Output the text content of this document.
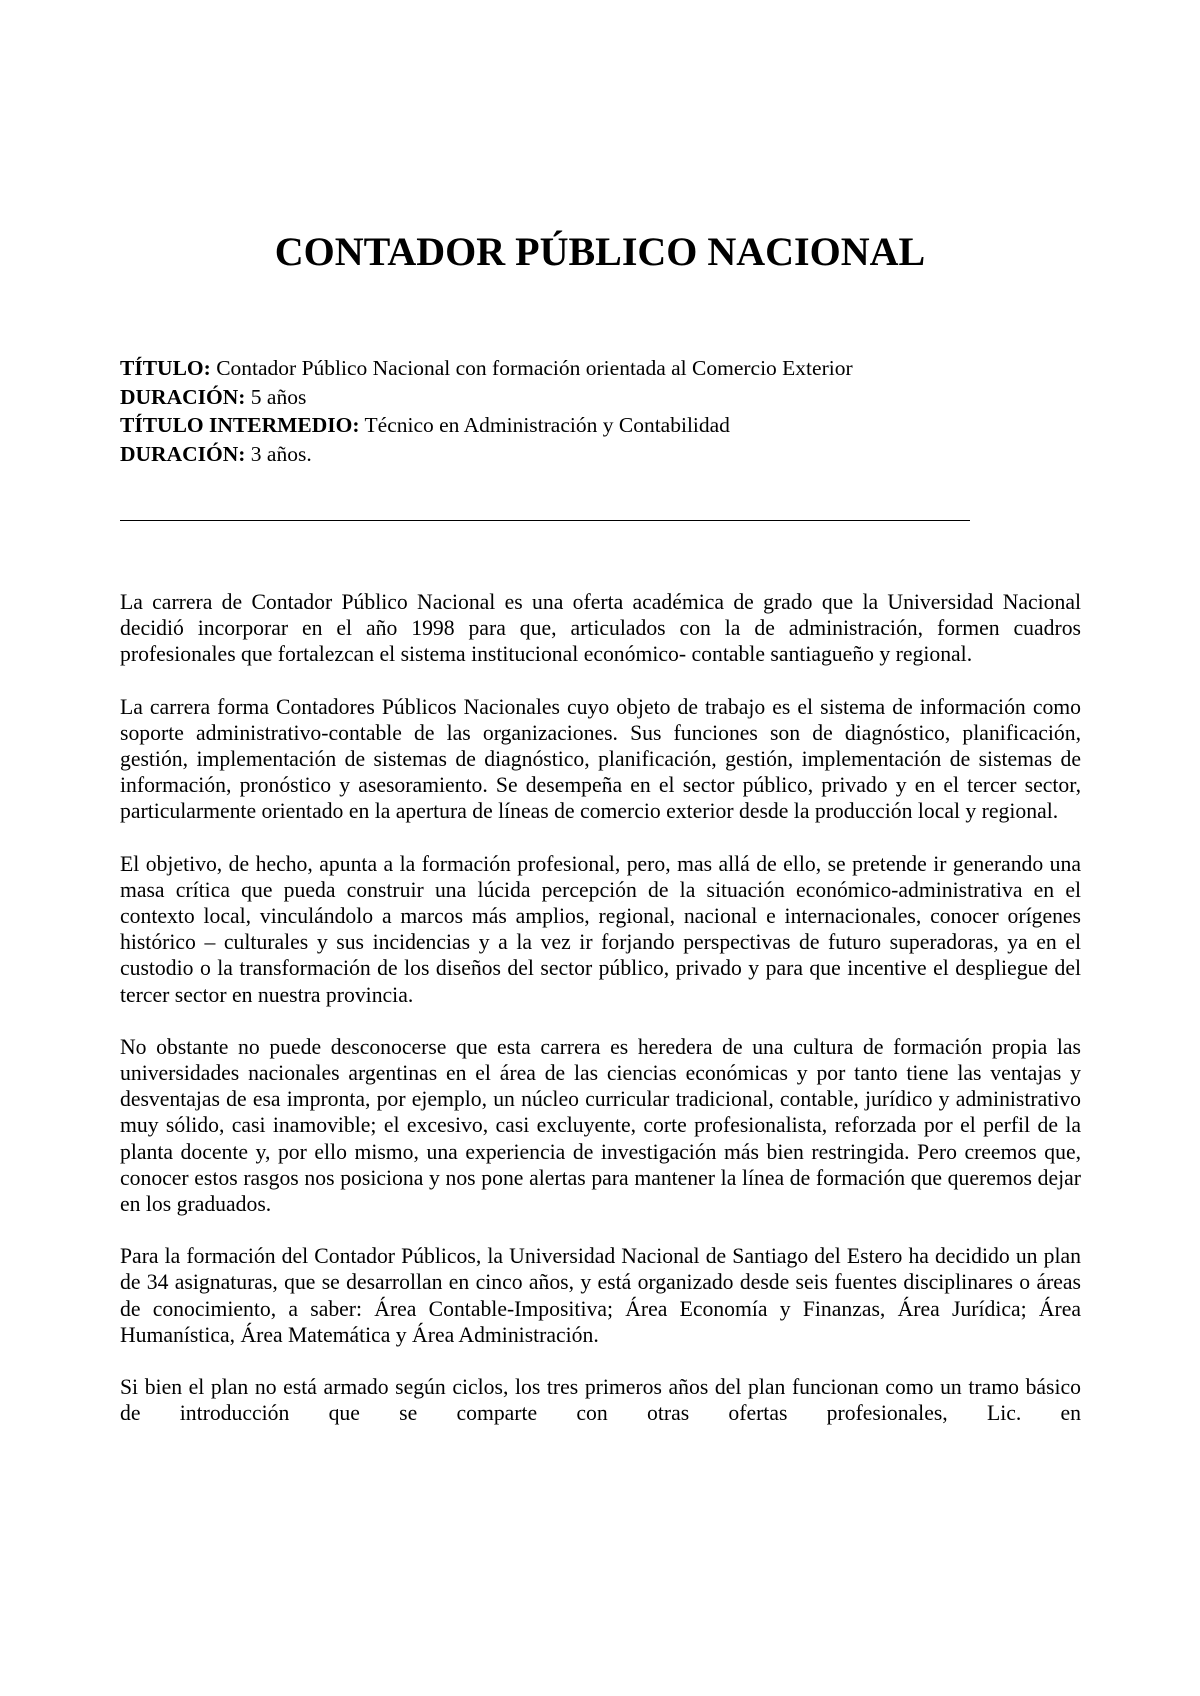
CONTADOR PÚBLICO NACIONAL
TÍTULO: Contador Público Nacional con formación orientada al Comercio Exterior
DURACIÓN: 5 años
TÍTULO INTERMEDIO: Técnico en Administración y Contabilidad
DURACIÓN: 3 años.

La carrera de Contador Público Nacional es una oferta académica de grado que la Universidad Nacional decidió incorporar en el año 1998 para que, articulados con la de administración, formen cuadros profesionales que fortalezcan el sistema institucional económico- contable santiagueño y regional.

La carrera forma Contadores Públicos Nacionales cuyo objeto de trabajo es el sistema de información como soporte administrativo-contable de las organizaciones. Sus funciones son de diagnóstico, planificación, gestión, implementación de sistemas de diagnóstico, planificación, gestión, implementación de sistemas de información, pronóstico y asesoramiento. Se desempeña en el sector público, privado y en el tercer sector, particularmente orientado en la apertura de líneas de comercio exterior desde la producción local y regional.

El objetivo, de hecho, apunta a la formación profesional, pero, mas allá de ello, se pretende ir generando una masa crítica que pueda construir una lúcida percepción de la situación económico-administrativa en el contexto local, vinculándolo a marcos más amplios, regional, nacional e internacionales, conocer orígenes histórico – culturales y sus incidencias y a la vez ir forjando perspectivas de futuro superadoras, ya en el custodio o la transformación de los diseños del sector público, privado y para que incentive el despliegue del tercer sector en nuestra provincia.

No obstante no puede desconocerse que esta carrera es heredera de una cultura de formación propia las universidades nacionales argentinas en el área de las ciencias económicas y por tanto tiene las ventajas y desventajas de esa impronta, por ejemplo, un núcleo curricular tradicional, contable, jurídico y administrativo muy sólido, casi inamovible; el excesivo, casi excluyente, corte profesionalista, reforzada por el perfil de la planta docente y, por ello mismo, una experiencia de investigación más bien restringida. Pero creemos que, conocer estos rasgos nos posiciona y nos pone alertas para mantener la línea de formación que queremos dejar en los graduados.

Para la formación del Contador Públicos, la Universidad Nacional de Santiago del Estero ha decidido un plan de 34 asignaturas, que se desarrollan en cinco años, y está organizado desde seis fuentes disciplinares o áreas de conocimiento, a saber: Área Contable-Impositiva; Área Economía y Finanzas, Área Jurídica; Área Humanística, Área Matemática y Área Administración.

Si bien el plan no está armado según ciclos, los tres primeros años del plan funcionan como un tramo básico de introducción que se comparte con otras ofertas profesionales, Lic. en
